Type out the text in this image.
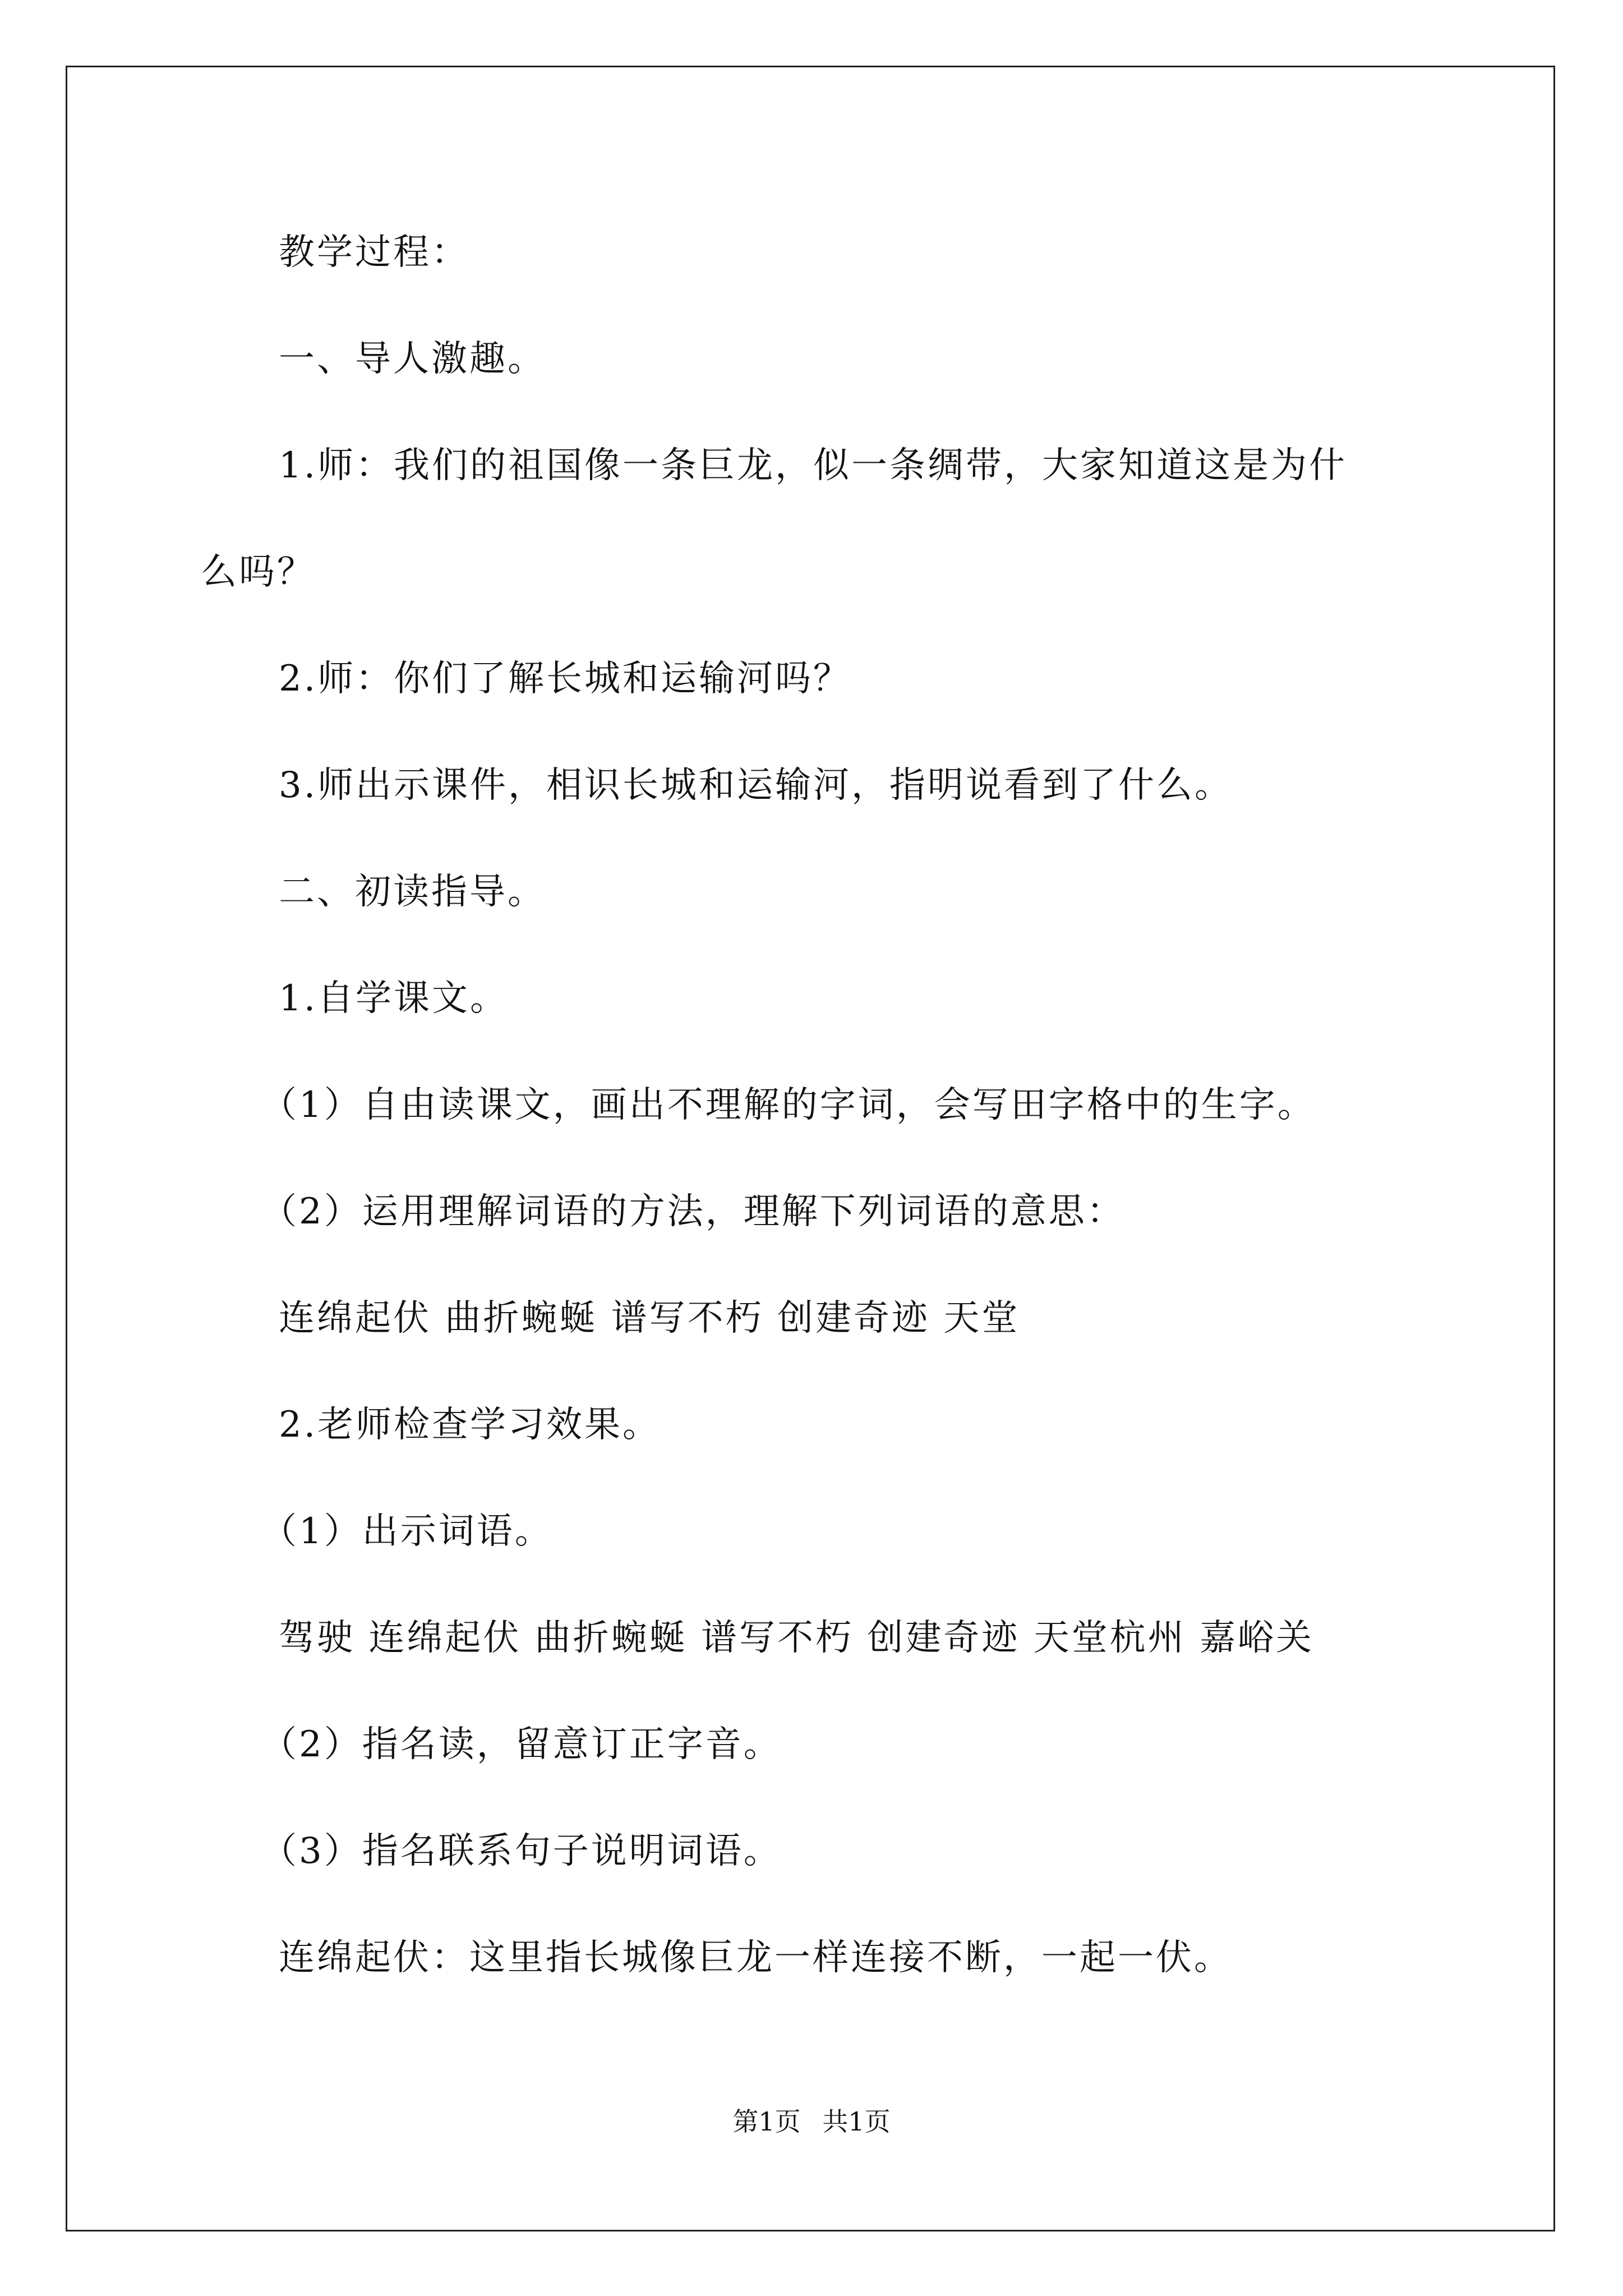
教学过程：
一、导人激趣。
1.师：我们的祖国像一条巨龙，似一条绸带，大家知道这是为什
么吗？
2.师：你们了解长城和运输河吗？
3.师出示课件，相识长城和运输河，指明说看到了什么。
二、初读指导。
1.自学课文。
（1）自由读课文，画出不理解的字词，会写田字格中的生字。
（2）运用理解词语的方法，理解下列词语的意思：
连绵起伏 曲折蜿蜒 谱写不朽 创建奇迹 天堂
2.老师检查学习效果。
（1）出示词语。
驾驶 连绵起伏 曲折蜿蜒 谱写不朽 创建奇迹 天堂杭州 嘉峪关
（2）指名读，留意订正字音。
（3）指名联系句子说明词语。
连绵起伏：这里指长城像巨龙一样连接不断，一起一伏。
第1页 共1页
